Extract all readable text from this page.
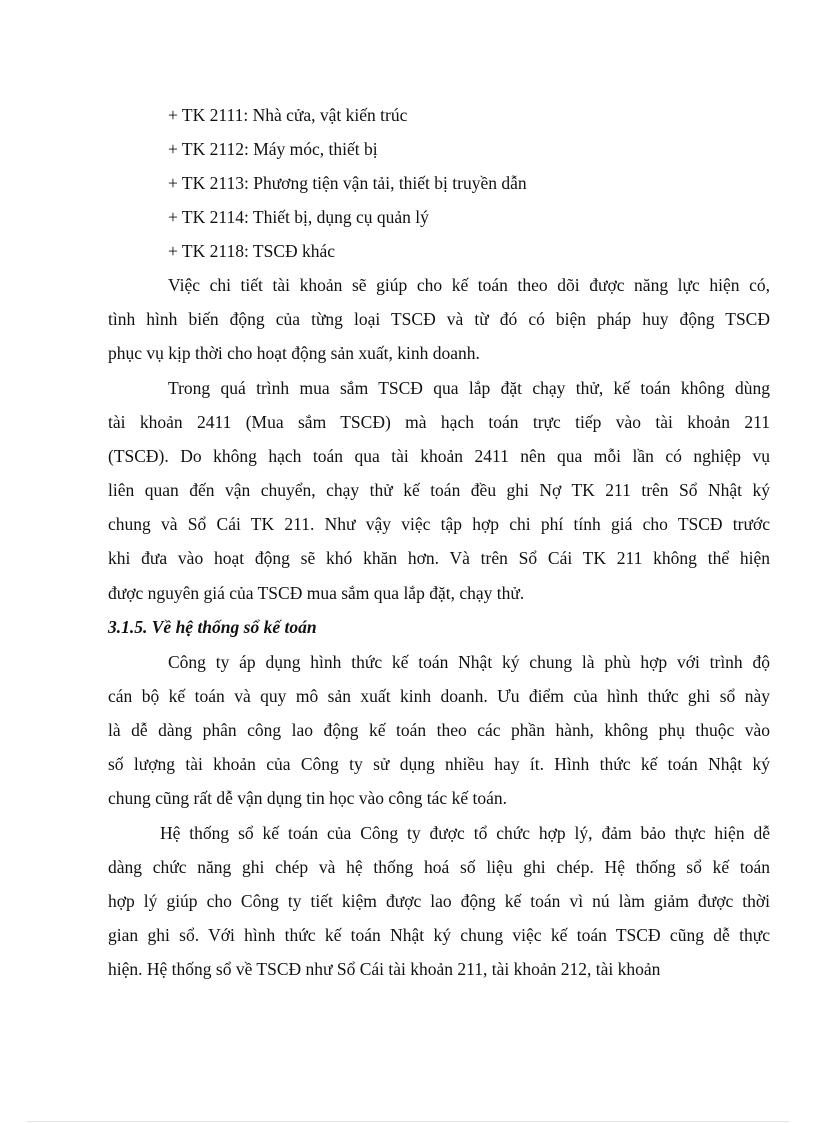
+ TK 2111: Nhà cửa, vật kiến trúc
+ TK 2112: Máy móc, thiết bị
+ TK 2113: Phương tiện vận tải, thiết bị truyền dẫn
+ TK 2114: Thiết bị, dụng cụ quản lý
+ TK 2118: TSCĐ khác
Việc chi tiết tài khoản sẽ giúp cho kế toán theo dõi được năng lực hiện có,
tình hình biến động của từng loại TSCĐ và từ đó có biện pháp huy động TSCĐ
phục vụ kịp thời cho hoạt động sản xuất, kinh doanh.
Trong quá trình mua sắm TSCĐ qua lắp đặt chạy thử, kế toán không dùng
tài khoản 2411 (Mua sắm TSCĐ) mà hạch toán trực tiếp vào tài khoản 211
(TSCĐ). Do không hạch toán qua tài khoản 2411 nên qua mỗi lần có nghiệp vụ
liên quan đến vận chuyển, chạy thử kế toán đều ghi Nợ TK 211 trên Sổ Nhật ký
chung và Sổ Cái TK 211. Như vậy việc tập hợp chi phí tính giá cho TSCĐ trước
khi đưa vào hoạt động sẽ khó khăn hơn. Và trên Sổ Cái TK 211 không thể hiện
được nguyên giá của TSCĐ mua sắm qua lắp đặt, chạy thử.
3.1.5. Về hệ thống sổ kế toán
Công ty áp dụng hình thức kế toán Nhật ký chung là phù hợp với trình độ
cán bộ kế toán và quy mô sản xuất kinh doanh. Ưu điểm của hình thức ghi sổ này
là dễ dàng phân công lao động kế toán theo các phần hành, không phụ thuộc vào
số lượng tài khoản của Công ty sử dụng nhiều hay ít. Hình thức kế toán Nhật ký
chung cũng rất dễ vận dụng tin học vào công tác kế toán.
Hệ thống sổ kế toán của Công ty được tổ chức hợp lý, đảm bảo thực hiện dễ
dàng chức năng ghi chép và hệ thống hoá số liệu ghi chép. Hệ thống sổ kế toán
hợp lý giúp cho Công ty tiết kiệm được lao động kế toán vì nú làm giảm được thời
gian ghi sổ. Với hình thức kế toán Nhật ký chung việc kế toán TSCĐ cũng dễ thực
hiện. Hệ thống sổ về TSCĐ như Sổ Cái tài khoản 211, tài khoản 212, tài khoản
